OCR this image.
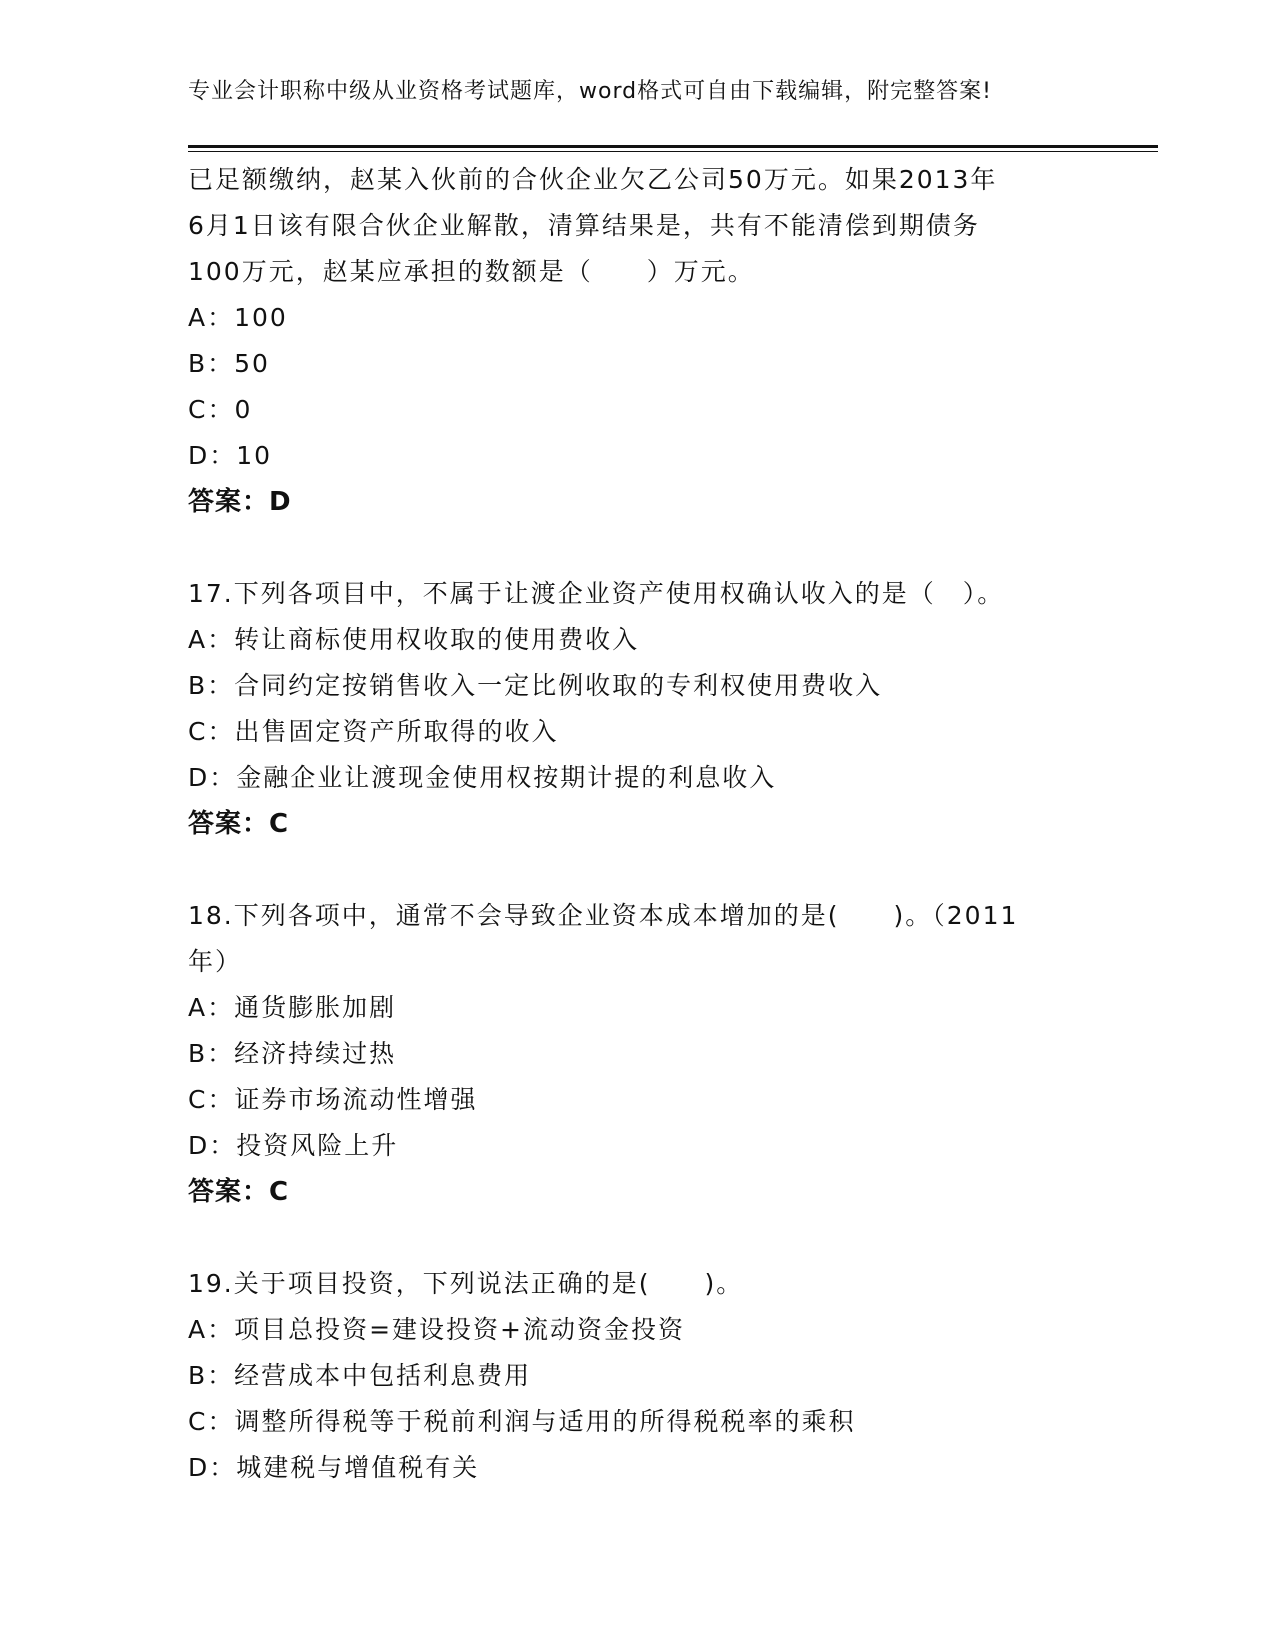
专业会计职称中级从业资格考试题库，word格式可自由下载编辑，附完整答案!
已足额缴纳，赵某入伙前的合伙企业欠乙公司50万元。如果2013年
6月1日该有限合伙企业解散，清算结果是，共有不能清偿到期债务
100万元，赵某应承担的数额是（　　）万元。
A：100
B：50
C：0
D：10
答案：D
17.下列各项目中，不属于让渡企业资产使用权确认收入的是（　）。
A：转让商标使用权收取的使用费收入
B：合同约定按销售收入一定比例收取的专利权使用费收入
C：出售固定资产所取得的收入
D：金融企业让渡现金使用权按期计提的利息收入
答案：C
18.下列各项中，通常不会导致企业资本成本增加的是(　　)。（2011
年）
A：通货膨胀加剧
B：经济持续过热
C：证券市场流动性增强
D：投资风险上升
答案：C
19.关于项目投资，下列说法正确的是(　　)。
A：项目总投资=建设投资+流动资金投资
B：经营成本中包括利息费用
C：调整所得税等于税前利润与适用的所得税税率的乘积
D：城建税与增值税有关
